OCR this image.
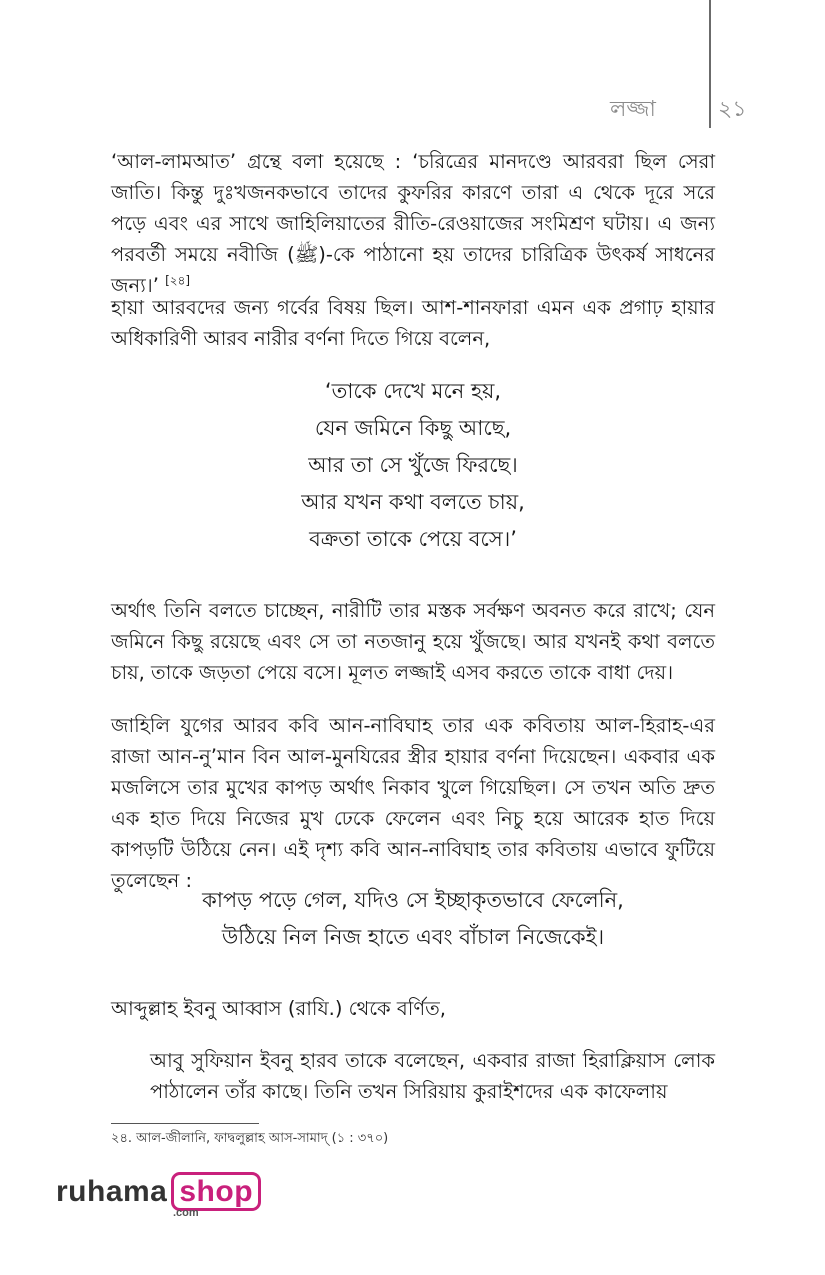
লজ্জা	২১

‘আল-লামআত’ গ্রন্থে বলা হয়েছে : ‘চরিত্রের মানদণ্ডে আরবরা ছিল সেরা জাতি। কিন্তু দুঃখজনকভাবে তাদের কুফরির কারণে তারা এ থেকে দূরে সরে পড়ে এবং এর সাথে জাহিলিয়াতের রীতি-রেওয়াজের সংমিশ্রণ ঘটায়। এ জন্য পরবর্তী সময়ে নবীজি (ﷺ)-কে পাঠানো হয় তাদের চারিত্রিক উৎকর্ষ সাধনের জন্য।’ [২৪]

হায়া আরবদের জন্য গর্বের বিষয় ছিল। আশ-শানফারা এমন এক প্রগাঢ় হায়ার অধিকারিণী আরব নারীর বর্ণনা দিতে গিয়ে বলেন,

‘তাকে দেখে মনে হয়,
যেন জমিনে কিছু আছে,
আর তা সে খুঁজে ফিরছে।
আর যখন কথা বলতে চায়,
বক্রতা তাকে পেয়ে বসে।’

অর্থাৎ তিনি বলতে চাচ্ছেন, নারীটি তার মস্তক সর্বক্ষণ অবনত করে রাখে; যেন জমিনে কিছু রয়েছে এবং সে তা নতজানু হয়ে খুঁজছে। আর যখনই কথা বলতে চায়, তাকে জড়তা পেয়ে বসে। মূলত লজ্জাই এসব করতে তাকে বাধা দেয়।

জাহিলি যুগের আরব কবি আন-নাবিঘাহ তার এক কবিতায় আল-হিরাহ-এর রাজা আন-নু’মান বিন আল-মুনযিরের স্ত্রীর হায়ার বর্ণনা দিয়েছেন। একবার এক মজলিসে তার মুখের কাপড় অর্থাৎ নিকাব খুলে গিয়েছিল। সে তখন অতি দ্রুত এক হাত দিয়ে নিজের মুখ ঢেকে ফেলেন এবং নিচু হয়ে আরেক হাত দিয়ে কাপড়টি উঠিয়ে নেন। এই দৃশ্য কবি আন-নাবিঘাহ তার কবিতায় এভাবে ফুটিয়ে তুলেছেন :

কাপড় পড়ে গেল, যদিও সে ইচ্ছাকৃতভাবে ফেলেনি,
উঠিয়ে নিল নিজ হাতে এবং বাঁচাল নিজেকেই।

আব্দুল্লাহ ইবনু আব্বাস (রাযি.) থেকে বর্ণিত,

আবু সুফিয়ান ইবনু হারব তাকে বলেছেন, একবার রাজা হিরাক্লিয়াস লোক পাঠালেন তাঁর কাছে। তিনি তখন সিরিয়ায় কুরাইশদের এক কাফেলায়

২৪. আল-জীলানি, ফাদ্বলুল্লাহ আস-সামাদ্ (১ : ৩৭০)
ruhama shop
.com
